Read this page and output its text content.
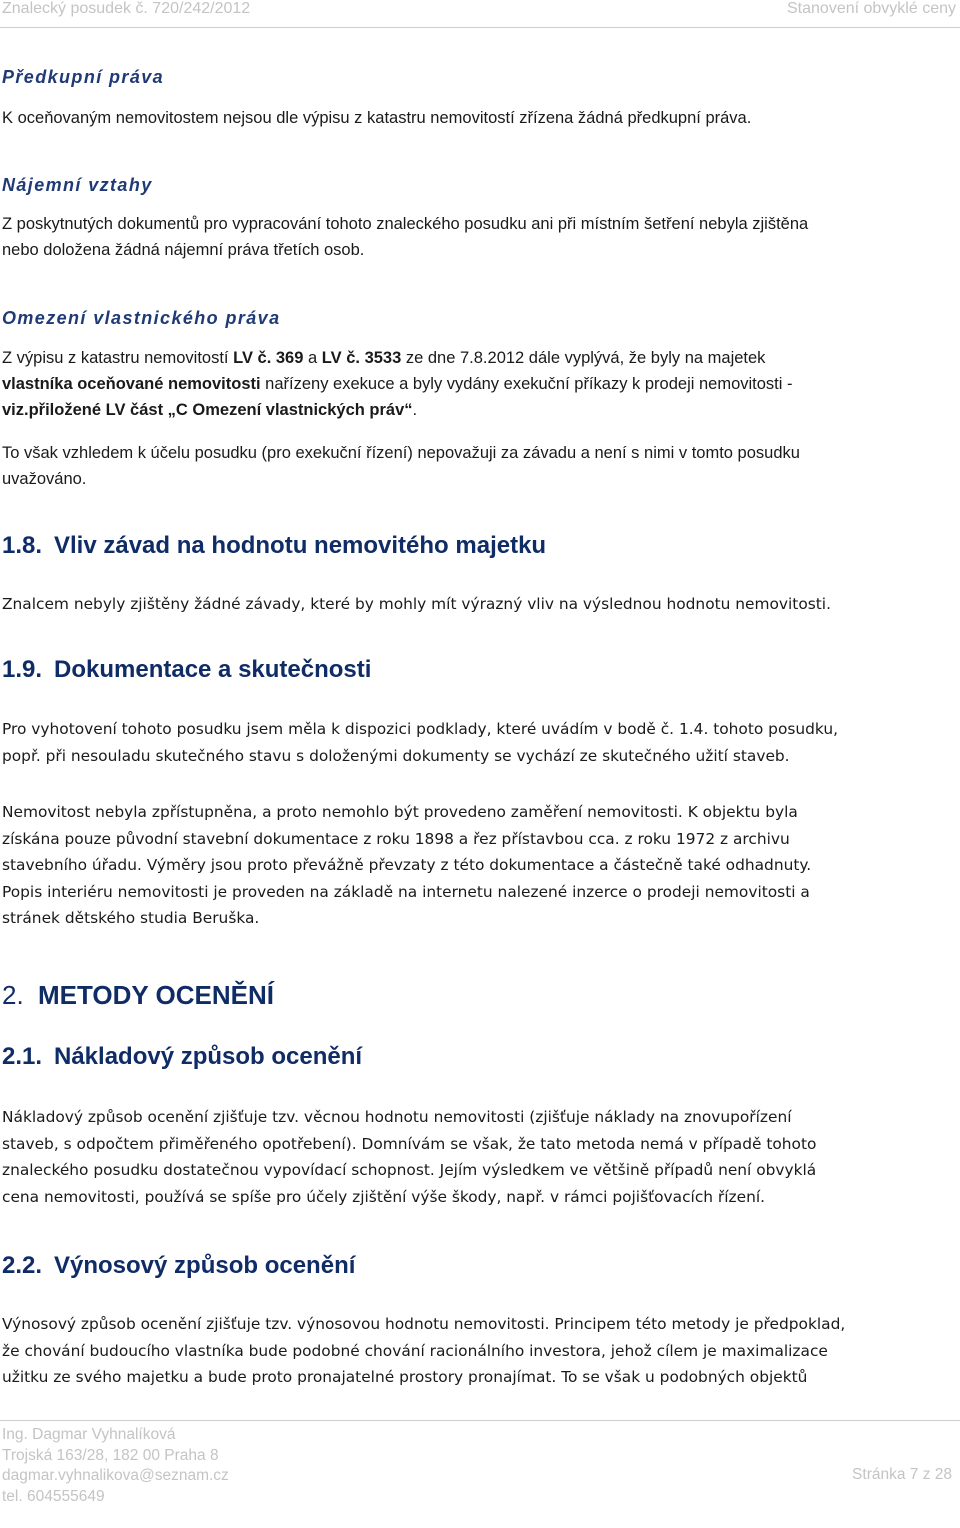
Znalecký posudek č. 720/242/2012	Stanovení obvyklé ceny
Předkupní práva
K oceňovaným nemovitostem nejsou dle výpisu z katastru nemovitostí zřízena žádná předkupní práva.
Nájemní vztahy
Z poskytnutých dokumentů pro vypracování tohoto znaleckého posudku ani při místním šetření nebyla zjištěna
nebo doložena žádná nájemní práva třetích osob.
Omezení vlastnického práva
Z výpisu z katastru nemovitostí LV č. 369 a LV č. 3533 ze dne 7.8.2012 dále vyplývá, že byly na majetek
vlastníka oceňované nemovitosti nařízeny exekuce a byly vydány exekuční příkazy k prodeji nemovitosti -
viz.přiložené LV část „C Omezení vlastnických práv“.
To však vzhledem k účelu posudku (pro exekuční řízení) nepovažuji za závadu a není s nimi v tomto posudku
uvažováno.
1.8. Vliv závad na hodnotu nemovitého majetku
Znalcem nebyly zjištěny žádné závady, které by mohly mít výrazný vliv na výslednou hodnotu nemovitosti.
1.9. Dokumentace a skutečnosti
Pro vyhotovení tohoto posudku jsem měla k dispozici podklady, které uvádím v bodě č. 1.4. tohoto posudku,
popř. při nesouladu skutečného stavu s doloženými dokumenty se vychází ze skutečného užití staveb.
Nemovitost nebyla zpřístupněna, a proto nemohlo být provedeno zaměření nemovitosti. K objektu byla
získána pouze původní stavební dokumentace z roku 1898 a řez přístavbou cca. z roku 1972 z archivu
stavebního úřadu. Výměry jsou proto převážně převzaty z této dokumentace a částečně také odhadnuty.
Popis interiéru nemovitosti je proveden na základě na internetu nalezené inzerce o prodeji nemovitosti a
stránek dětského studia Beruška.
2. METODY OCENĚNÍ
2.1. Nákladový způsob ocenění
Nákladový způsob ocenění zjišťuje tzv. věcnou hodnotu nemovitosti (zjišťuje náklady na znovupořízení
staveb, s odpočtem přiměřeného opotřebení). Domnívám se však, že tato metoda nemá v případě tohoto
znaleckého posudku dostatečnou vypovídací schopnost. Jejím výsledkem ve většině případů není obvyklá
cena nemovitosti, používá se spíše pro účely zjištění výše škody, např. v rámci pojišťovacích řízení.
2.2. Výnosový způsob ocenění
Výnosový způsob ocenění zjišťuje tzv. výnosovou hodnotu nemovitosti. Principem této metody je předpoklad,
že chování budoucího vlastníka bude podobné chování racionálního investora, jehož cílem je maximalizace
užitku ze svého majetku a bude proto pronajatelné prostory pronajímat. To se však u podobných objektů
Ing. Dagmar Vyhnalíková
Trojská 163/28, 182 00 Praha 8
dagmar.vyhnalikova@seznam.cz
tel. 604555649
Stránka 7 z 28
